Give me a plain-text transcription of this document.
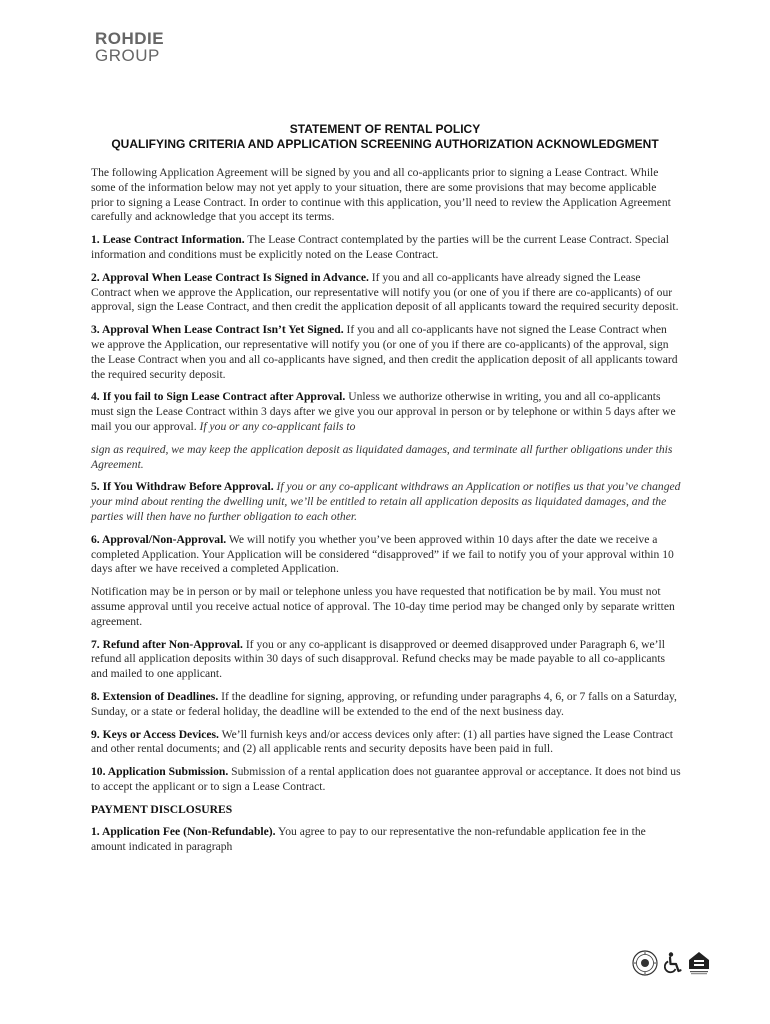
ROHDIE
GROUP
STATEMENT OF RENTAL POLICY
QUALIFYING CRITERIA AND APPLICATION SCREENING AUTHORIZATION ACKNOWLEDGMENT

The following Application Agreement will be signed by you and all co-applicants prior to signing a Lease Contract. While some of the information below may not yet apply to your situation, there are some provisions that may become applicable prior to signing a Lease Contract. In order to continue with this application, you’ll need to review the Application Agreement carefully and acknowledge that you accept its terms.

1. Lease Contract Information. The Lease Contract contemplated by the parties will be the current Lease Contract. Special information and conditions must be explicitly noted on the Lease Contract.

2. Approval When Lease Contract Is Signed in Advance. If you and all co-applicants have already signed the Lease Contract when we approve the Application, our representative will notify you (or one of you if there are co-applicants) of our approval, sign the Lease Contract, and then credit the application deposit of all applicants toward the required security deposit.

3. Approval When Lease Contract Isn’t Yet Signed. If you and all co-applicants have not signed the Lease Contract when we approve the Application, our representative will notify you (or one of you if there are co-applicants) of the approval, sign the Lease Contract when you and all co-applicants have signed, and then credit the application deposit of all applicants toward the required security deposit.

4. If you fail to Sign Lease Contract after Approval. Unless we authorize otherwise in writing, you and all co-applicants must sign the Lease Contract within 3 days after we give you our approval in person or by telephone or within 5 days after we mail you our approval. If you or any co-applicant fails to

sign as required, we may keep the application deposit as liquidated damages, and terminate all further obligations under this Agreement.

5. If You Withdraw Before Approval. If you or any co-applicant withdraws an Application or notifies us that you’ve changed your mind about renting the dwelling unit, we’ll be entitled to retain all application deposits as liquidated damages, and the parties will then have no further obligation to each other.

6. Approval/Non-Approval. We will notify you whether you’ve been approved within 10 days after the date we receive a completed Application. Your Application will be considered “disapproved” if we fail to notify you of your approval within 10 days after we have received a completed Application.

Notification may be in person or by mail or telephone unless you have requested that notification be by mail. You must not assume approval until you receive actual notice of approval. The 10-day time period may be changed only by separate written agreement.

7. Refund after Non-Approval. If you or any co-applicant is disapproved or deemed disapproved under Paragraph 6, we’ll refund all application deposits within 30 days of such disapproval. Refund checks may be made payable to all co-applicants and mailed to one applicant.

8. Extension of Deadlines. If the deadline for signing, approving, or refunding under paragraphs 4, 6, or 7 falls on a Saturday, Sunday, or a state or federal holiday, the deadline will be extended to the end of the next business day.

9. Keys or Access Devices. We’ll furnish keys and/or access devices only after: (1) all parties have signed the Lease Contract and other rental documents; and (2) all applicable rents and security deposits have been paid in full.

10. Application Submission. Submission of a rental application does not guarantee approval or acceptance. It does not bind us to accept the applicant or to sign a Lease Contract.

PAYMENT DISCLOSURES

1. Application Fee (Non-Refundable). You agree to pay to our representative the non-refundable application fee in the amount indicated in paragraph
